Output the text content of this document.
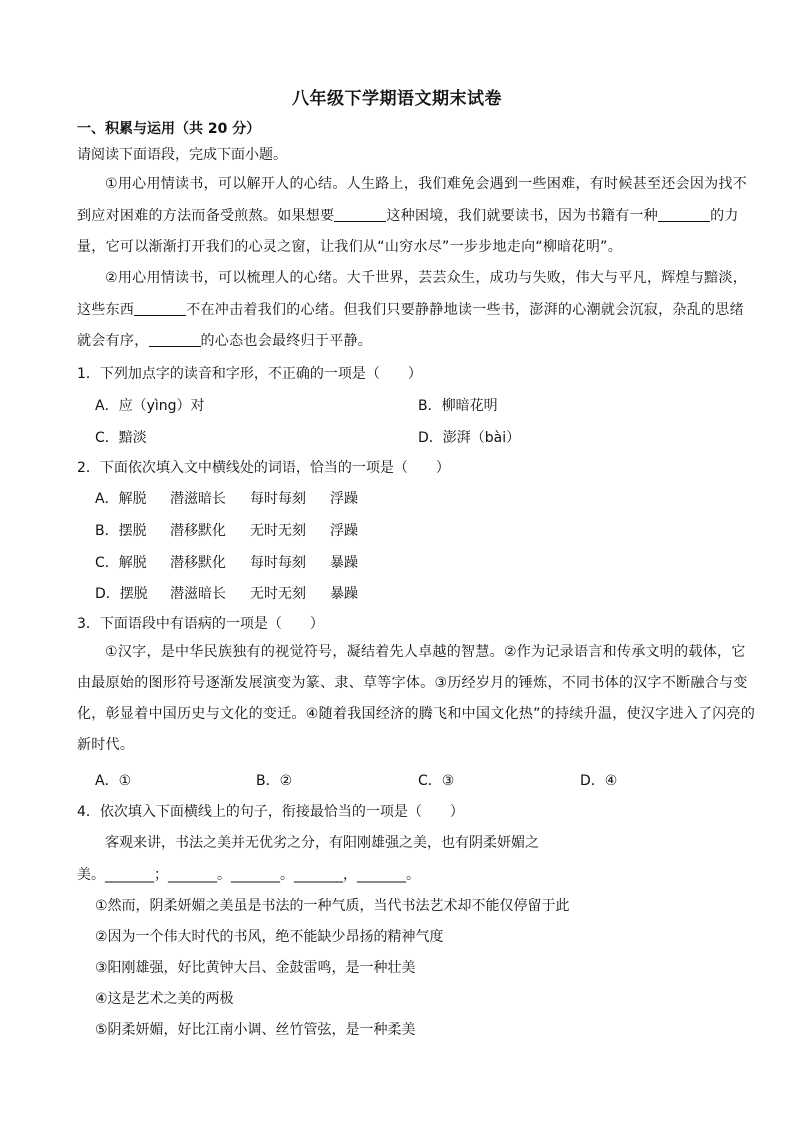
八年级下学期语文期末试卷
一、积累与运用（共 20 分）
请阅读下面语段，完成下面小题。
①用心用情读书，可以解开人的心结。人生路上，我们难免会遇到一些困难，有时候甚至还会因为找不到应对困难的方法而备受煎熬。如果想要	这种困境，我们就要读书，因为书籍有一种	的力量，它可以渐渐打开我们的心灵之窗，让我们从“山穷水尽”一步步地走向“柳暗花明”。
②用心用情读书，可以梳理人的心绪。大千世界，芸芸众生，成功与失败，伟大与平凡，辉煌与黯淡，这些东西	不在冲击着我们的心绪。但我们只要静静地读一些书，澎湃的心潮就会沉寂，杂乱的思绪就会有序，	的心态也会最终归于平静。
1．下列加点字的读音和字形，不正确的一项是（　　）
A．应（yìng）对	B．柳暗花明
C．黯淡	D．澎湃（bài）
2．下面依次填入文中横线处的词语，恰当的一项是（　　）
A．解脱 潜滋暗长 每时每刻 浮躁
B．摆脱 潜移默化 无时无刻 浮躁
C．解脱 潜移默化 每时每刻 暴躁
D．摆脱 潜滋暗长 无时无刻 暴躁
3．下面语段中有语病的一项是（　　）
①汉字，是中华民族独有的视觉符号，凝结着先人卓越的智慧。②作为记录语言和传承文明的载体，它由最原始的图形符号逐渐发展演变为篆、隶、草等字体。③历经岁月的锤炼，不同书体的汉字不断融合与变化，彰显着中国历史与文化的变迁。④随着我国经济的腾飞和中国文化热”的持续升温，使汉字进入了闪亮的新时代。
A．①	B．②	C．③	D．④
4．依次填入下面横线上的句子，衔接最恰当的一项是（　　）
客观来讲，书法之美并无优劣之分，有阳刚雄强之美，也有阴柔妍媚之
美。_______；_______。_______。_______，_______。
①然而，阴柔妍媚之美虽是书法的一种气质，当代书法艺术却不能仅停留于此
②因为一个伟大时代的书风，绝不能缺少昂扬的精神气度
③阳刚雄强，好比黄钟大吕、金鼓雷鸣，是一种壮美
④这是艺术之美的两极
⑤阴柔妍媚，好比江南小调、丝竹管弦，是一种柔美
